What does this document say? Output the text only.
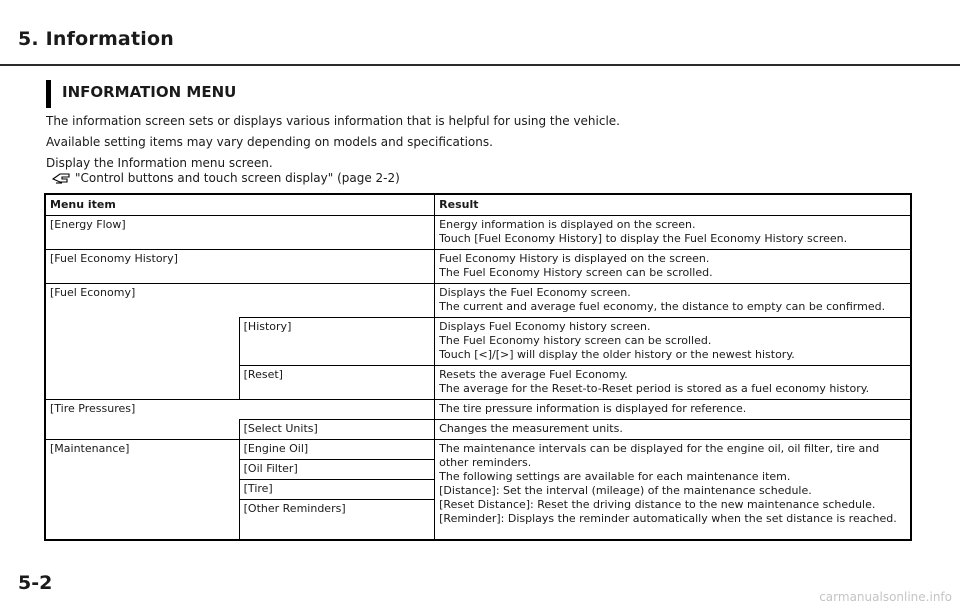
5. Information
INFORMATION MENU
The information screen sets or displays various information that is helpful for using the vehicle.
Available setting items may vary depending on models and specifications.
Display the Information menu screen.
"Control buttons and touch screen display" (page 2-2)
Menu item		Result
[Energy Flow]		Energy information is displayed on the screen.
Touch [Fuel Economy History] to display the Fuel Economy History screen.

[Fuel Economy History]		Fuel Economy History is displayed on the screen.
The Fuel Economy History screen can be scrolled.

[Fuel Economy]		Displays the Fuel Economy screen.
The current and average fuel economy, the distance to empty can be confirmed.

	[History]	Displays Fuel Economy history screen.
The Fuel Economy history screen can be scrolled.
Touch [<]/[>] will display the older history or the newest history.

	[Reset]	Resets the average Fuel Economy.
The average for the Reset-to-Reset period is stored as a fuel economy history.

[Tire Pressures]		The tire pressure information is displayed for reference.

	[Select Units]	Changes the measurement units.

[Maintenance]	[Engine Oil]	The maintenance intervals can be displayed for the engine oil, oil filter, tire and other reminders.
The following settings are available for each maintenance item.
[Distance]: Set the interval (mileage) of the maintenance schedule.
[Reset Distance]: Reset the driving distance to the new maintenance schedule.
[Reminder]: Displays the reminder automatically when the set distance is reached.

	[Oil Filter]	
	[Tire]	
	[Other Reminders]	
5-2
carmanualsonline.info
